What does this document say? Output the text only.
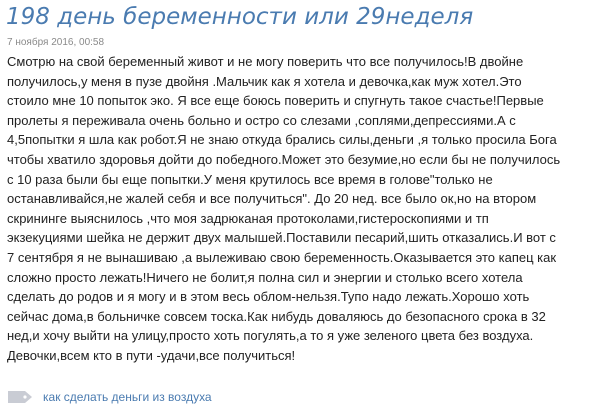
198 день беременности или 29неделя
7 ноября 2016, 00:58
Смотрю на свой беременный живот и не могу поверить что все получилось!В двойне
получилось,у меня в пузе двойня .Мальчик как я хотела и девочка,как муж хотел.Это
стоило мне 10 попыток эко. Я все еще боюсь поверить и спугнуть такое счастье!Первые
пролеты я переживала очень больно и остро со слезами ,соплями,депрессиями.А с
4,5попытки я шла как робот.Я не знаю откуда брались силы,деньги ,я только просила Бога
чтобы хватило здоровья дойти до победного.Может это безумие,но если бы не получилось
с 10 раза были бы еще попытки.У меня крутилось все время в голове"только не
останавливайся,не жалей себя и все получиться". До 20 нед. все было ок,но на втором
скрининге выяснилось ,что моя задрюканая протоколами,гистероскопиями и тп
экзекуциями шейка не держит двух малышей.Поставили песарий,шить отказались.И вот с
7 сентября я не вынашиваю ,а вылеживаю свою беременность.Оказывается это капец как
сложно просто лежать!Ничего не болит,я полна сил и энергии и столько всего хотела
сделать до родов и я могу и в этом весь облом-нельзя.Тупо надо лежать.Хорошо хоть
сейчас дома,в больничке совсем тоска.Как нибудь доваляюсь до безопасного срока в 32
нед,и хочу выйти на улицу,просто хоть погулять,а то я уже зеленого цвета без воздуха.
Девочки,всем кто в пути -удачи,все получиться!
как сделать деньги из воздуха
